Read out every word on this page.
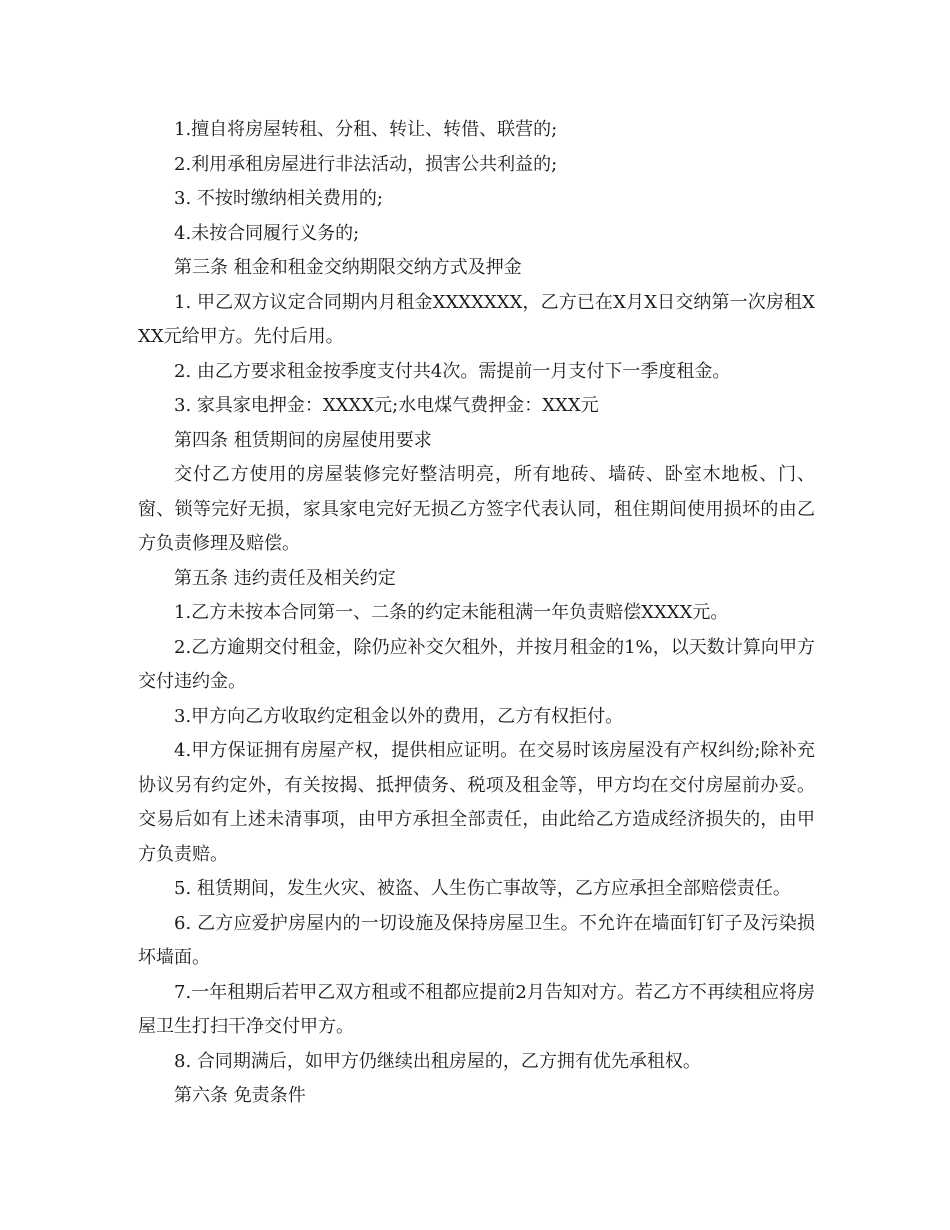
1.擅自将房屋转租、分租、转让、转借、联营的;

2.利用承租房屋进行非法活动，损害公共利益的;

3. 不按时缴纳相关费用的;

4.未按合同履行义务的;

第三条 租金和租金交纳期限交纳方式及押金

1. 甲乙双方议定合同期内月租金XXXXXXX，乙方已在X月X日交纳第一次房租XXX元给甲方。先付后用。

2. 由乙方要求租金按季度支付共4次。需提前一月支付下一季度租金。

3. 家具家电押金：XXXX元;水电煤气费押金：XXX元

第四条 租赁期间的房屋使用要求

交付乙方使用的房屋装修完好整洁明亮，所有地砖、墙砖、卧室木地板、门、窗、锁等完好无损，家具家电完好无损乙方签字代表认同，租住期间使用损坏的由乙方负责修理及赔偿。

第五条 违约责任及相关约定

1.乙方未按本合同第一、二条的约定未能租满一年负责赔偿XXXX元。

2.乙方逾期交付租金，除仍应补交欠租外，并按月租金的1%，以天数计算向甲方交付违约金。

3.甲方向乙方收取约定租金以外的费用，乙方有权拒付。

4.甲方保证拥有房屋产权，提供相应证明。在交易时该房屋没有产权纠纷;除补充协议另有约定外，有关按揭、抵押债务、税项及租金等，甲方均在交付房屋前办妥。交易后如有上述未清事项，由甲方承担全部责任，由此给乙方造成经济损失的，由甲方负责赔。

5. 租赁期间，发生火灾、被盗、人生伤亡事故等，乙方应承担全部赔偿责任。

6. 乙方应爱护房屋内的一切设施及保持房屋卫生。不允许在墙面钉钉子及污染损坏墙面。

7.一年租期后若甲乙双方租或不租都应提前2月告知对方。若乙方不再续租应将房屋卫生打扫干净交付甲方。

8. 合同期满后，如甲方仍继续出租房屋的，乙方拥有优先承租权。

第六条 免责条件
